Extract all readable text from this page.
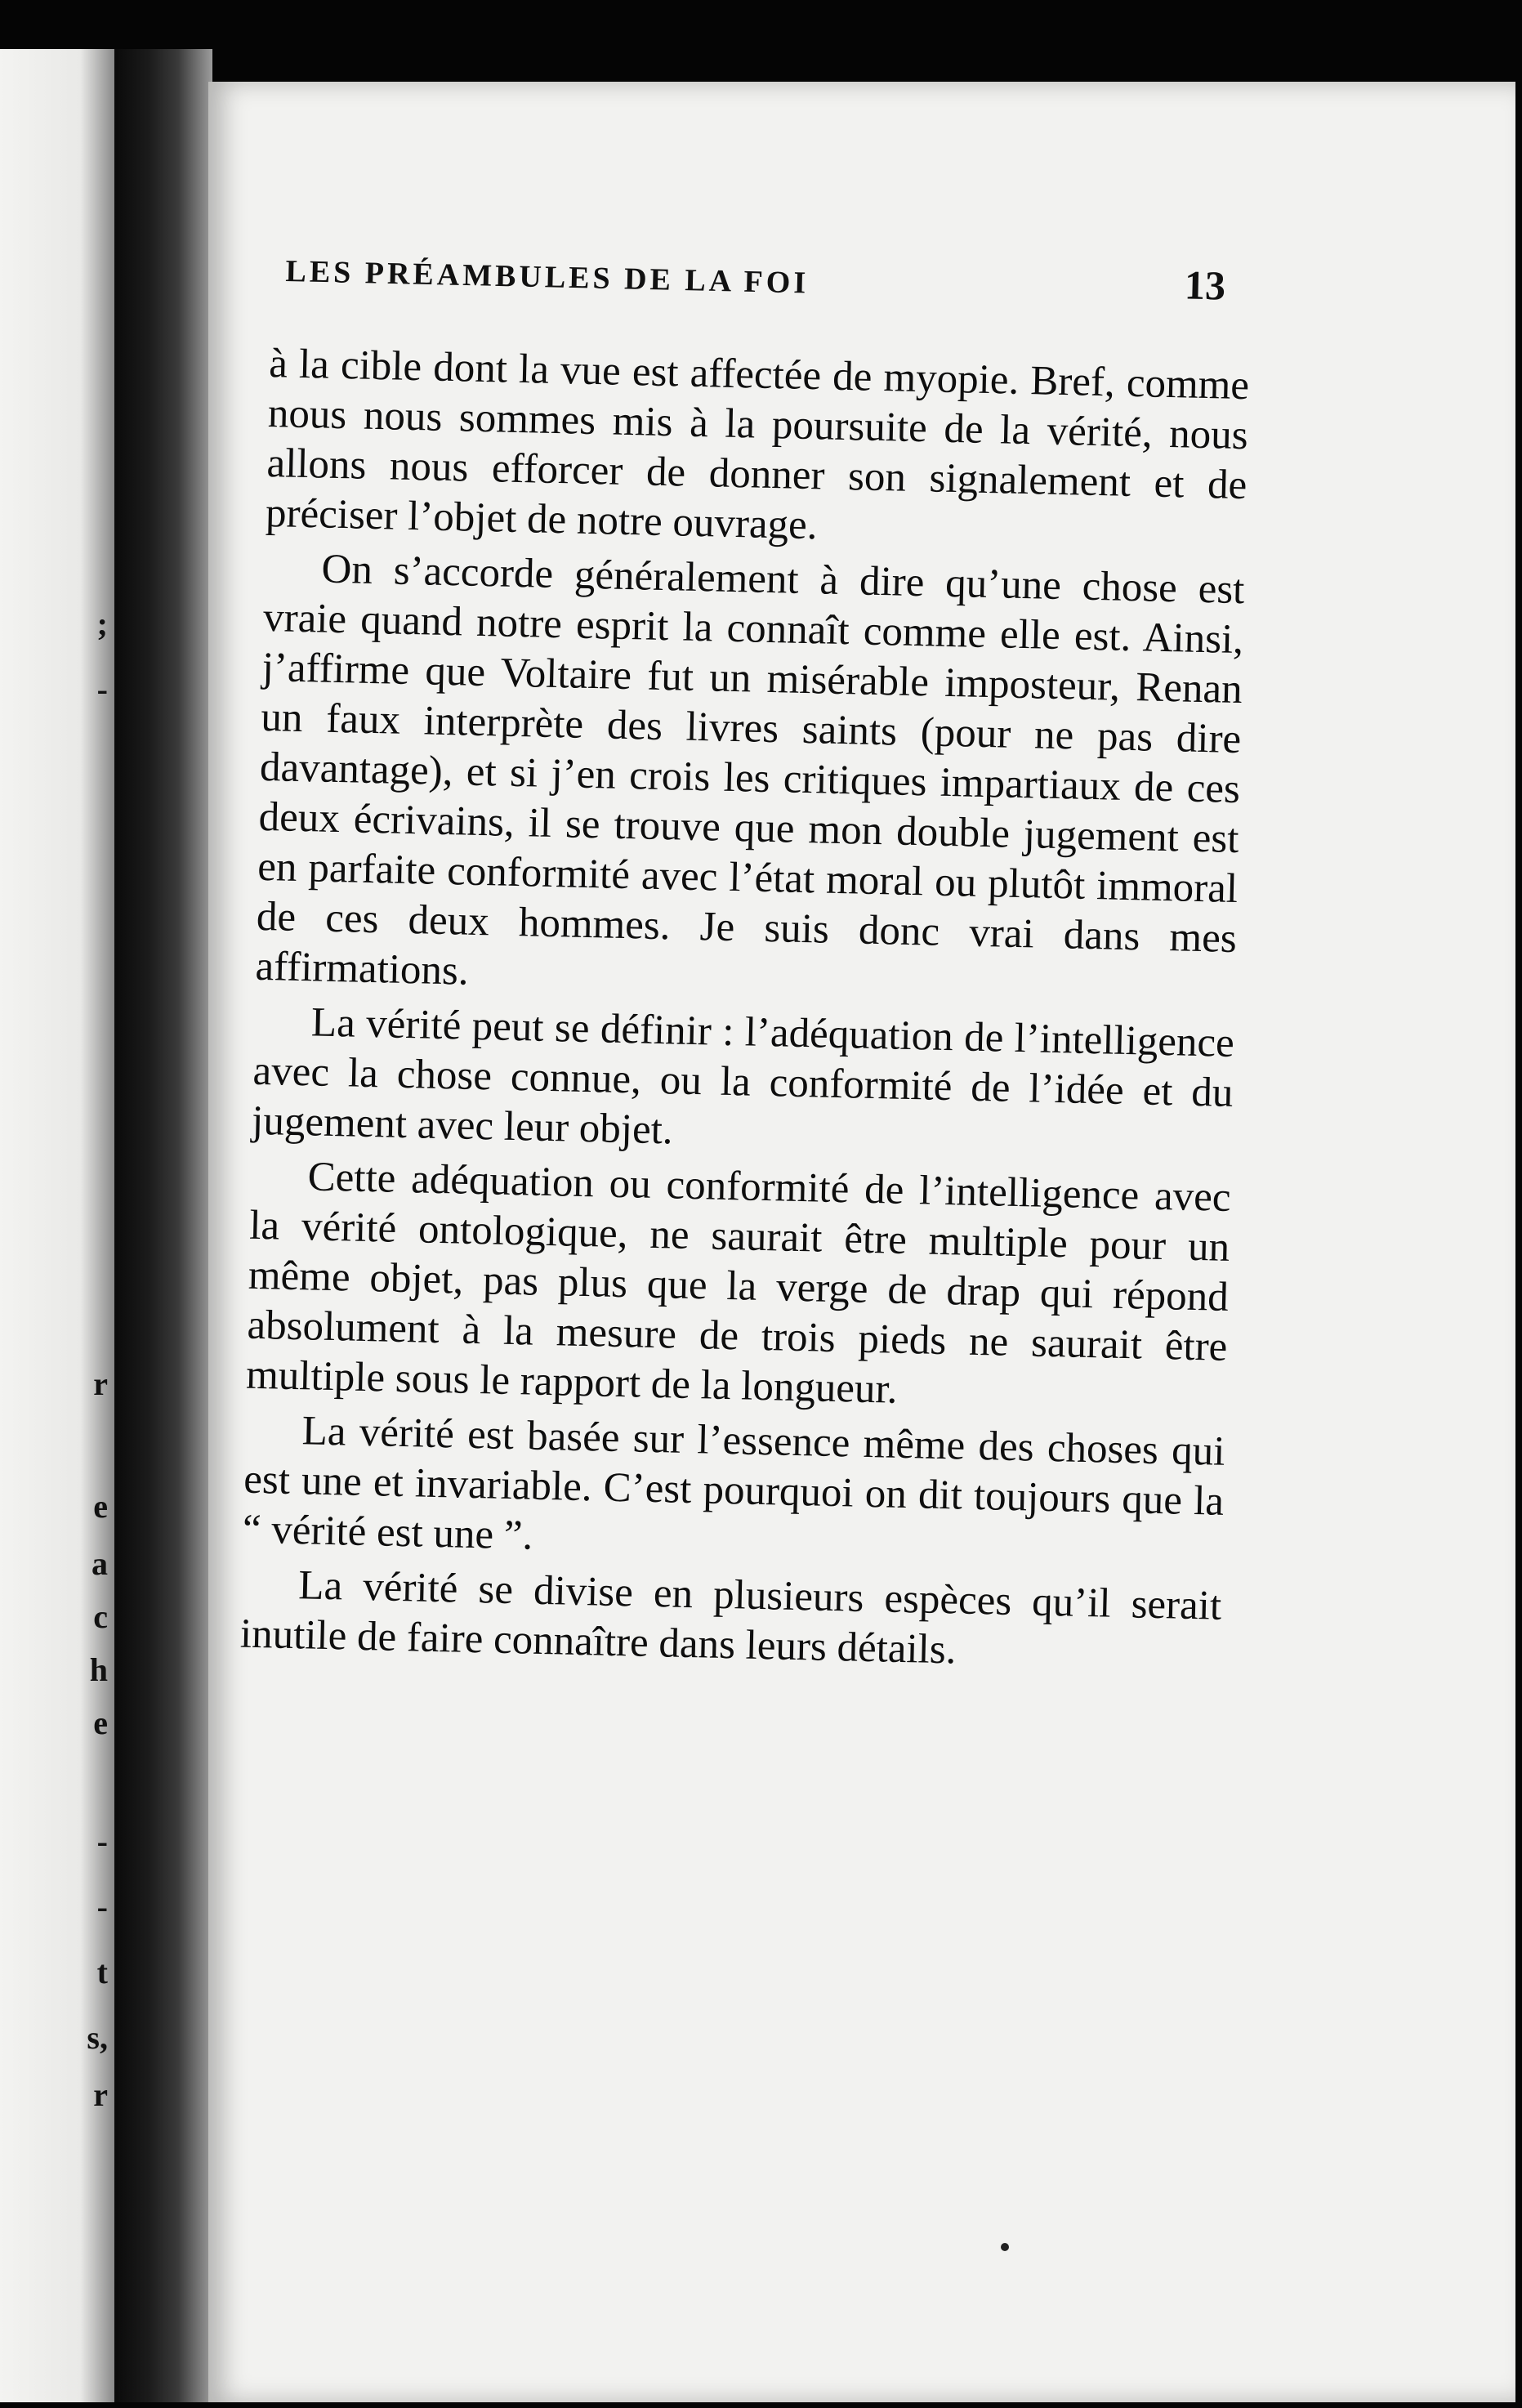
;
-
r
e
a
c
h
e
-
-
t
s,
r
LES PRÉAMBULES DE LA FOI	13

à la cible dont la vue est affectée de myopie. Bref, comme nous nous sommes mis à la poursuite de la vérité, nous allons nous efforcer de donner son signalement et de préciser l’objet de notre ouvrage.

On s’accorde généralement à dire qu’une chose est vraie quand notre esprit la connaît comme elle est. Ainsi, j’affirme que Voltaire fut un misérable imposteur, Renan un faux interprète des livres saints (pour ne pas dire davantage), et si j’en crois les critiques impartiaux de ces deux écrivains, il se trouve que mon double jugement est en parfaite conformité avec l’état moral ou plutôt immoral de ces deux hommes. Je suis donc vrai dans mes affirmations.

La vérité peut se définir : l’adéquation de l’intelligence avec la chose connue, ou la conformité de l’idée et du jugement avec leur objet.

Cette adéquation ou conformité de l’intelligence avec la vérité ontologique, ne saurait être multiple pour un même objet, pas plus que la verge de drap qui répond absolument à la mesure de trois pieds ne saurait être multiple sous le rapport de la longueur.

La vérité est basée sur l’essence même des choses qui est une et invariable. C’est pourquoi on dit toujours que la “ vérité est une ”.

La vérité se divise en plusieurs espèces qu’il serait inutile de faire connaître dans leurs détails.
